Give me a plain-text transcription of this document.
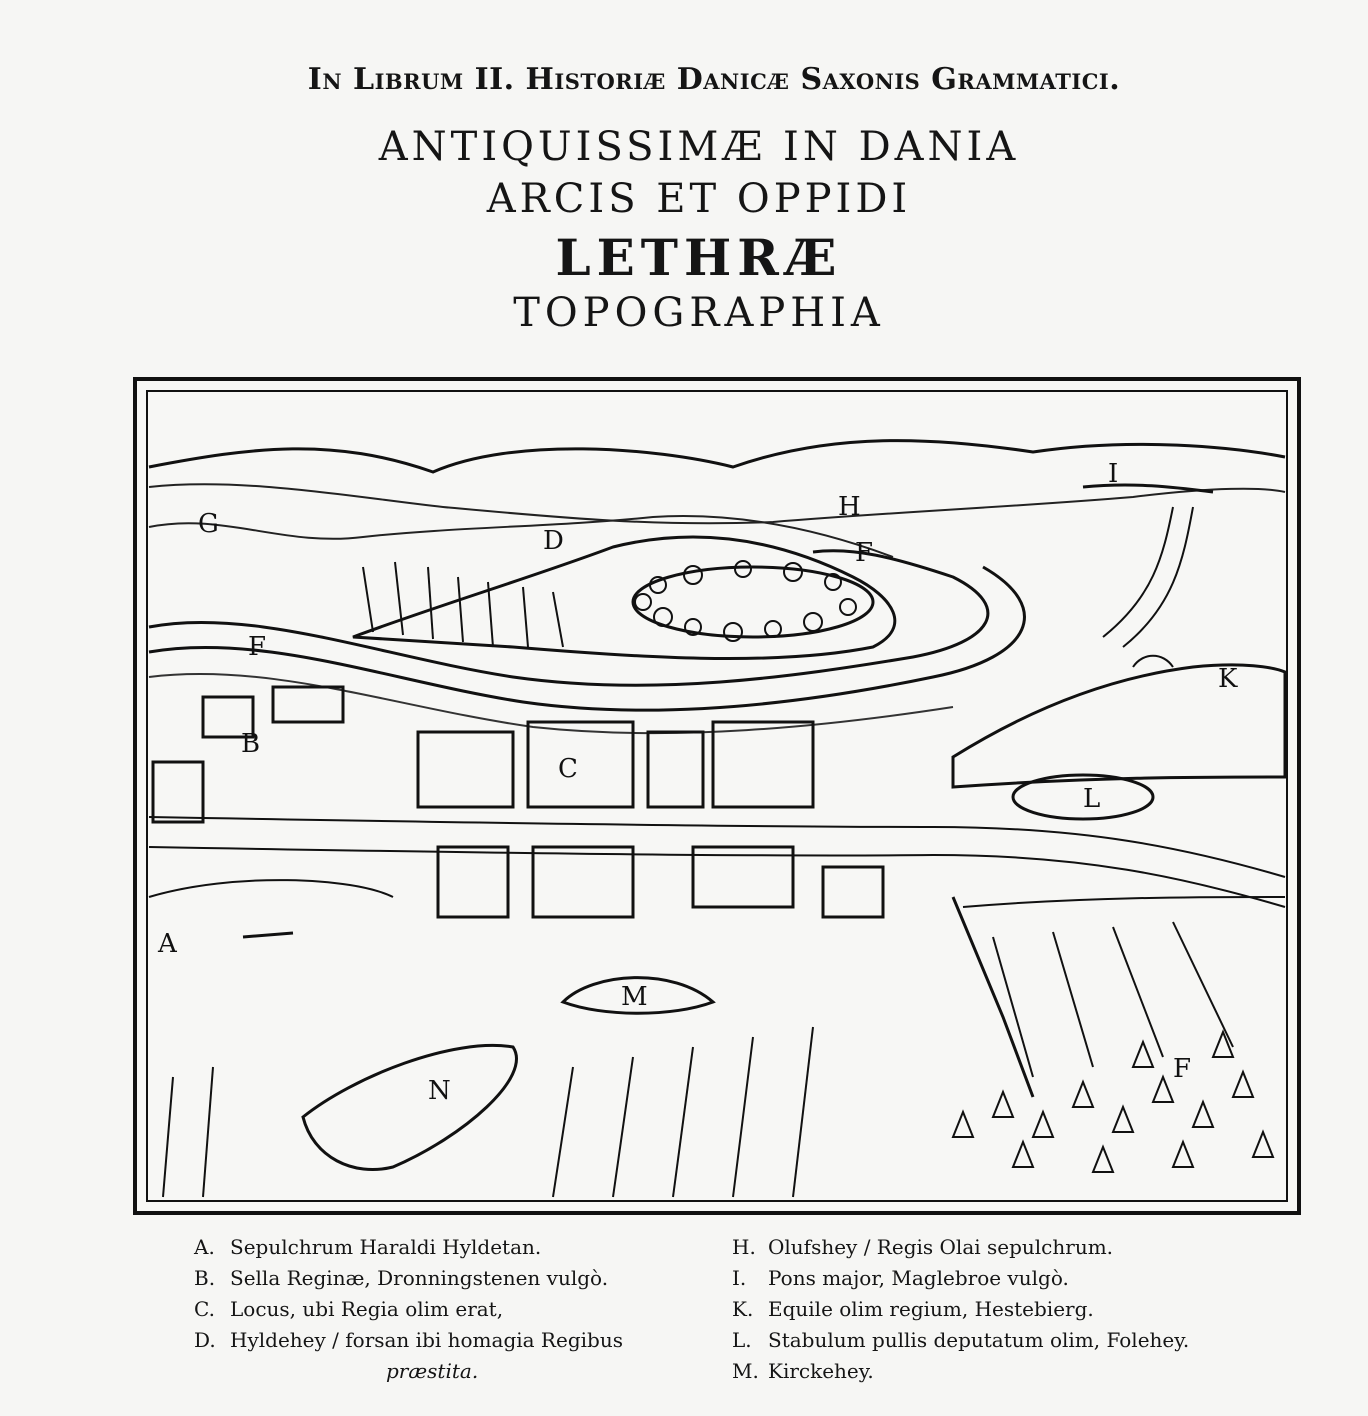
In Librum II. Historiæ Danicæ Saxonis Grammatici.
ANTIQUISSIMÆ IN DANIA
ARCIS ET OPPIDI
LETHRÆ
TOPOGRAPHIA
A
B
C
D
F
F
F
G
H
I
K
L
M
N
A. Sepulchrum Haraldi Hyldetan.
B. Sella Reginæ, Dronningstenen vulgò.
C. Locus, ubi Regia olim erat,
D. Hyldehey / forsan ibi homagia Regibus
præstita.
H. Olufshey / Regis Olai sepulchrum.
I.	Pons major, Maglebroe vulgò.
K. Equile olim regium, Hestebierg.
L. Stabulum pullis deputatum olim, Folehey.
M. Kirckehey.
